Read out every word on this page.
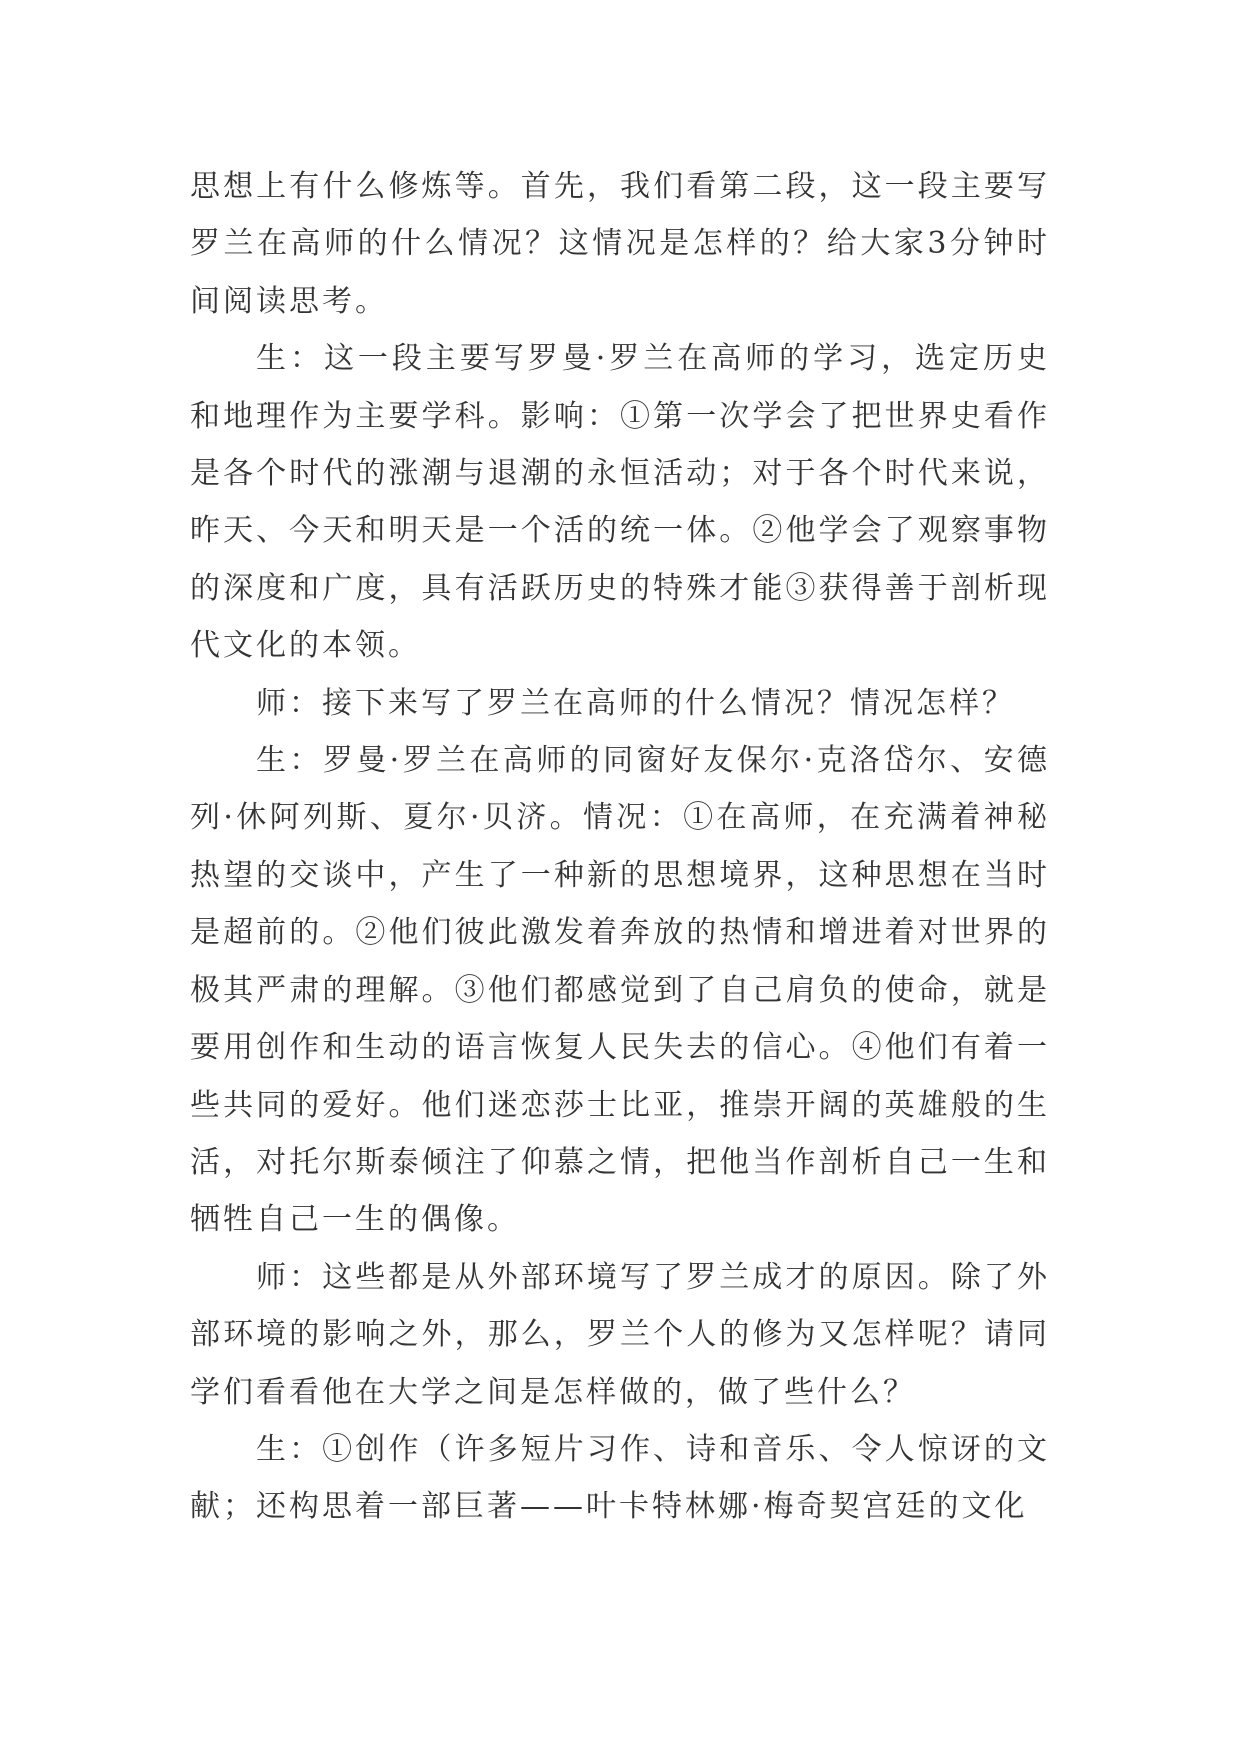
思想上有什么修炼等。首先，我们看第二段，这一段主要写罗兰在高师的什么情况？这情况是怎样的？给大家3分钟时间阅读思考。

生：这一段主要写罗曼·罗兰在高师的学习，选定历史和地理作为主要学科。影响：①第一次学会了把世界史看作是各个时代的涨潮与退潮的永恒活动；对于各个时代来说，昨天、今天和明天是一个活的统一体。②他学会了观察事物的深度和广度，具有活跃历史的特殊才能③获得善于剖析现代文化的本领。

师：接下来写了罗兰在高师的什么情况？情况怎样？

生：罗曼·罗兰在高师的同窗好友保尔·克洛岱尔、安德列·休阿列斯、夏尔·贝济。情况：①在高师，在充满着神秘热望的交谈中，产生了一种新的思想境界，这种思想在当时是超前的。②他们彼此激发着奔放的热情和增进着对世界的极其严肃的理解。③他们都感觉到了自己肩负的使命，就是要用创作和生动的语言恢复人民失去的信心。④他们有着一些共同的爱好。他们迷恋莎士比亚，推崇开阔的英雄般的生活，对托尔斯泰倾注了仰慕之情，把他当作剖析自己一生和牺牲自己一生的偶像。

师：这些都是从外部环境写了罗兰成才的原因。除了外部环境的影响之外，那么，罗兰个人的修为又怎样呢？请同学们看看他在大学之间是怎样做的，做了些什么？

生：①创作（许多短片习作、诗和音乐、令人惊讶的文献；还构思着一部巨著——叶卡特林娜·梅奇契宫廷的文化
